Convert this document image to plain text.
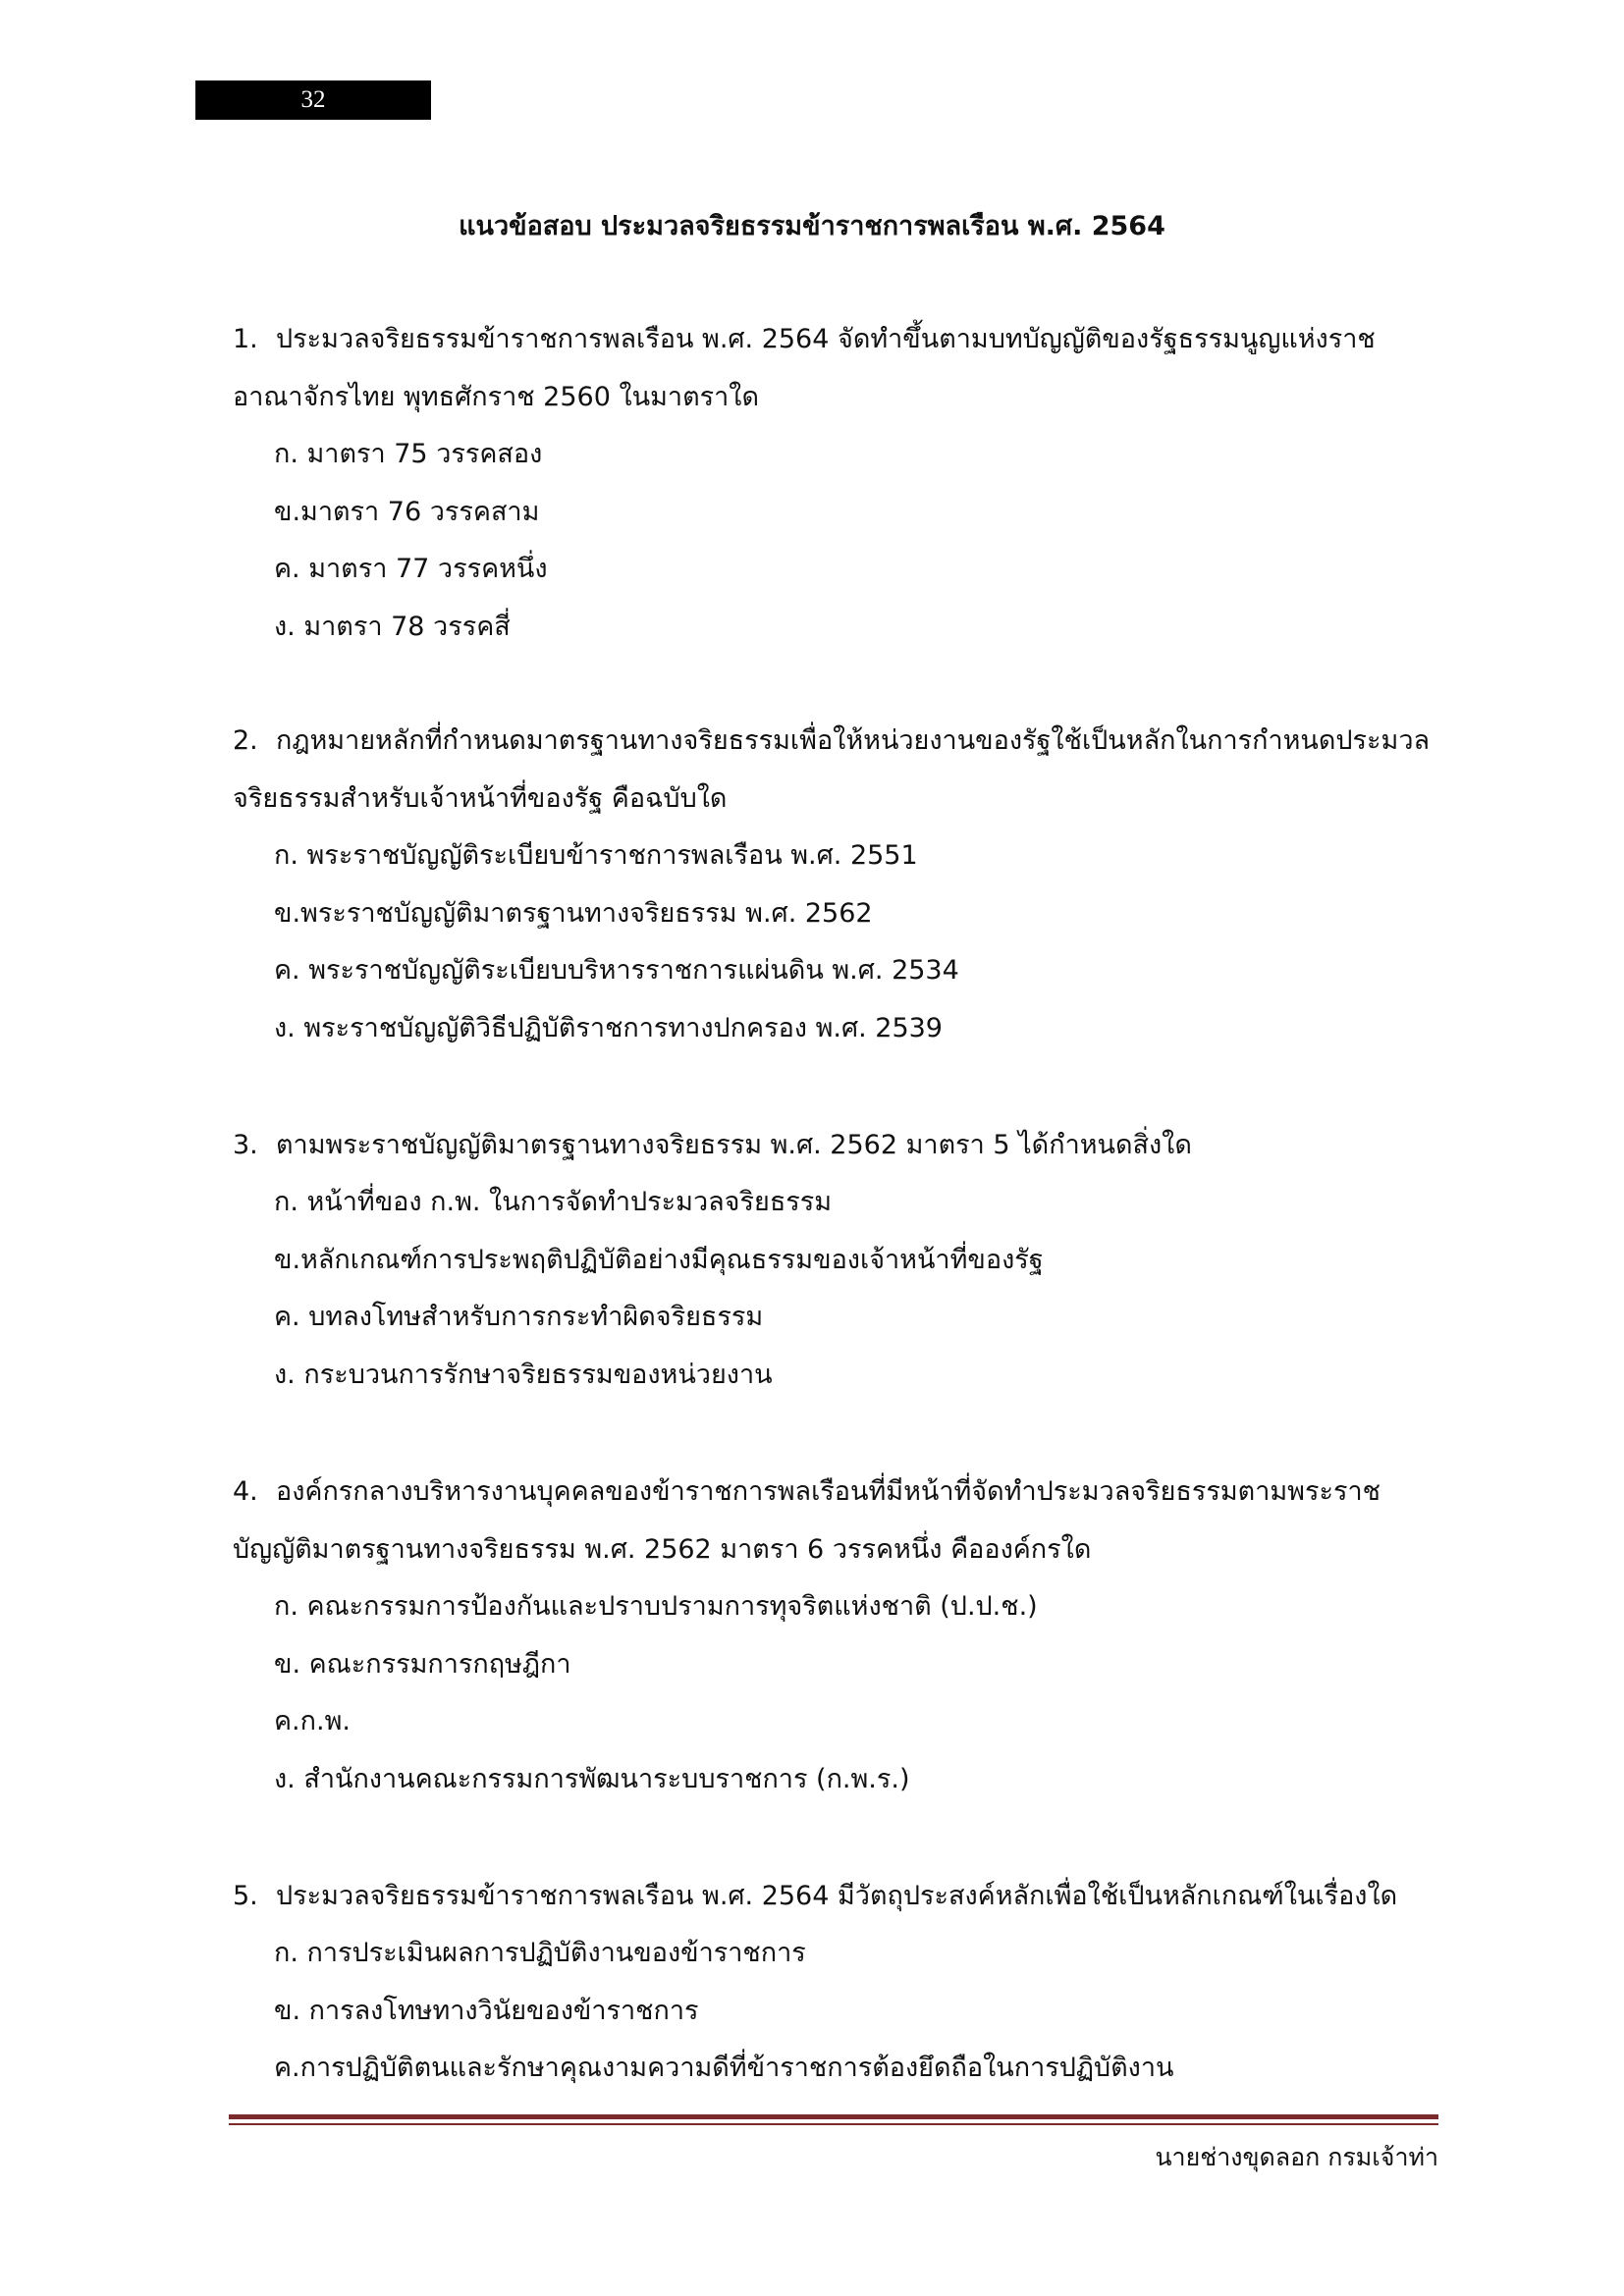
32
แนวข้อสอบ ประมวลจริยธรรมข้าราชการพลเรือน พ.ศ. 2564
1. ประมวลจริยธรรมข้าราชการพลเรือน พ.ศ. 2564 จัดทำขึ้นตามบทบัญญัติของรัฐธรรมนูญแห่งราชอาณาจักรไทย พุทธศักราช 2560 ในมาตราใด
ก. มาตรา 75 วรรคสอง
ข.มาตรา 76 วรรคสาม
ค. มาตรา 77 วรรคหนึ่ง
ง. มาตรา 78 วรรคสี่
2. กฎหมายหลักที่กำหนดมาตรฐานทางจริยธรรมเพื่อให้หน่วยงานของรัฐใช้เป็นหลักในการกำหนดประมวลจริยธรรมสำหรับเจ้าหน้าที่ของรัฐ คือฉบับใด
ก. พระราชบัญญัติระเบียบข้าราชการพลเรือน พ.ศ. 2551
ข.พระราชบัญญัติมาตรฐานทางจริยธรรม พ.ศ. 2562
ค. พระราชบัญญัติระเบียบบริหารราชการแผ่นดิน พ.ศ. 2534
ง. พระราชบัญญัติวิธีปฏิบัติราชการทางปกครอง พ.ศ. 2539
3. ตามพระราชบัญญัติมาตรฐานทางจริยธรรม พ.ศ. 2562 มาตรา 5 ได้กำหนดสิ่งใด
ก. หน้าที่ของ ก.พ. ในการจัดทำประมวลจริยธรรม
ข.หลักเกณฑ์การประพฤติปฏิบัติอย่างมีคุณธรรมของเจ้าหน้าที่ของรัฐ
ค. บทลงโทษสำหรับการกระทำผิดจริยธรรม
ง. กระบวนการรักษาจริยธรรมของหน่วยงาน
4. องค์กรกลางบริหารงานบุคคลของข้าราชการพลเรือนที่มีหน้าที่จัดทำประมวลจริยธรรมตามพระราชบัญญัติมาตรฐานทางจริยธรรม พ.ศ. 2562 มาตรา 6 วรรคหนึ่ง คือองค์กรใด
ก. คณะกรรมการป้องกันและปราบปรามการทุจริตแห่งชาติ (ป.ป.ช.)
ข. คณะกรรมการกฤษฎีกา
ค.ก.พ.
ง. สำนักงานคณะกรรมการพัฒนาระบบราชการ (ก.พ.ร.)
5. ประมวลจริยธรรมข้าราชการพลเรือน พ.ศ. 2564 มีวัตถุประสงค์หลักเพื่อใช้เป็นหลักเกณฑ์ในเรื่องใด
ก. การประเมินผลการปฏิบัติงานของข้าราชการ
ข. การลงโทษทางวินัยของข้าราชการ
ค.การปฏิบัติตนและรักษาคุณงามความดีที่ข้าราชการต้องยึดถือในการปฏิบัติงาน
นายช่างขุดลอก กรมเจ้าท่า
